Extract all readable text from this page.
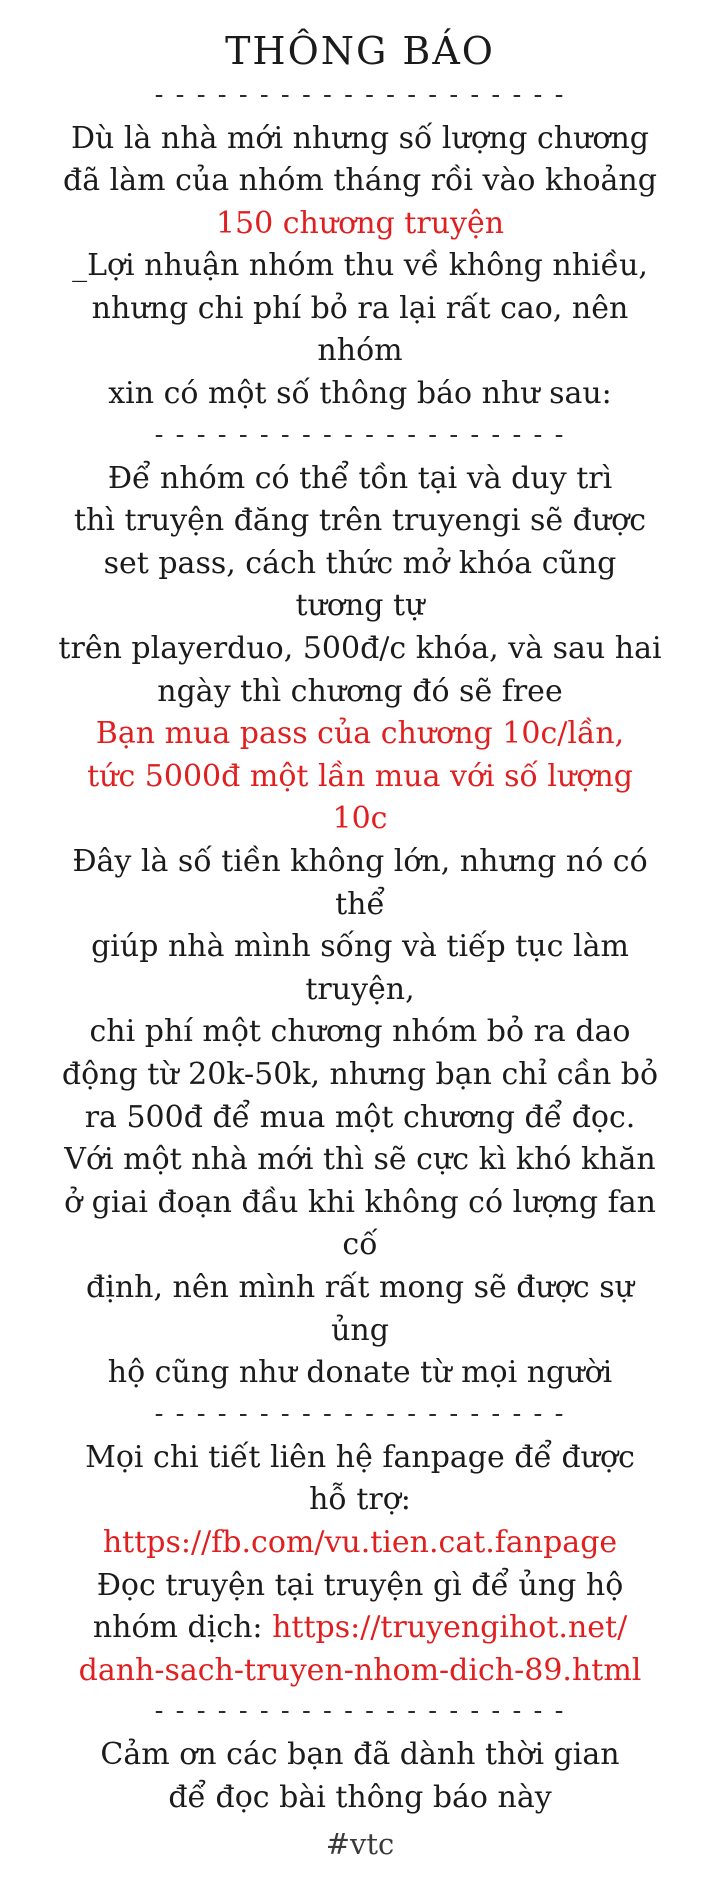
THÔNG BÁO
- - - - - - - - - - - - - - - - - - - -

Dù là nhà mới nhưng số lượng chương
đã làm của nhóm tháng rồi vào khoảng
150 chương truyện
_Lợi nhuận nhóm thu về không nhiều,
nhưng chi phí bỏ ra lại rất cao, nên nhóm
xin có một số thông báo như sau:

- - - - - - - - - - - - - - - - - - - -

Để nhóm có thể tồn tại và duy trì
thì truyện đăng trên truyengi sẽ được
set pass, cách thức mở khóa cũng tương tự
trên playerduo, 500đ/c khóa, và sau hai
ngày thì chương đó sẽ free
Bạn mua pass của chương 10c/lần,
tức 5000đ một lần mua với số lượng 10c
Đây là số tiền không lớn, nhưng nó có thể
giúp nhà mình sống và tiếp tục làm truyện,
chi phí một chương nhóm bỏ ra dao
động từ 20k-50k, nhưng bạn chỉ cần bỏ
ra 500đ để mua một chương để đọc.
Với một nhà mới thì sẽ cực kì khó khăn
ở giai đoạn đầu khi không có lượng fan cố
định, nên mình rất mong sẽ được sự ủng
hộ cũng như donate từ mọi người

- - - - - - - - - - - - - - - - - - - -

Mọi chi tiết liên hệ fanpage để được
hỗ trợ: https://fb.com/vu.tien.cat.fanpage
Đọc truyện tại truyện gì để ủng hộ
nhóm dịch: https://truyengihot.net/
danh-sach-truyen-nhom-dich-89.html

- - - - - - - - - - - - - - - - - - - -

Cảm ơn các bạn đã dành thời gian
để đọc bài thông báo này

#vtc
